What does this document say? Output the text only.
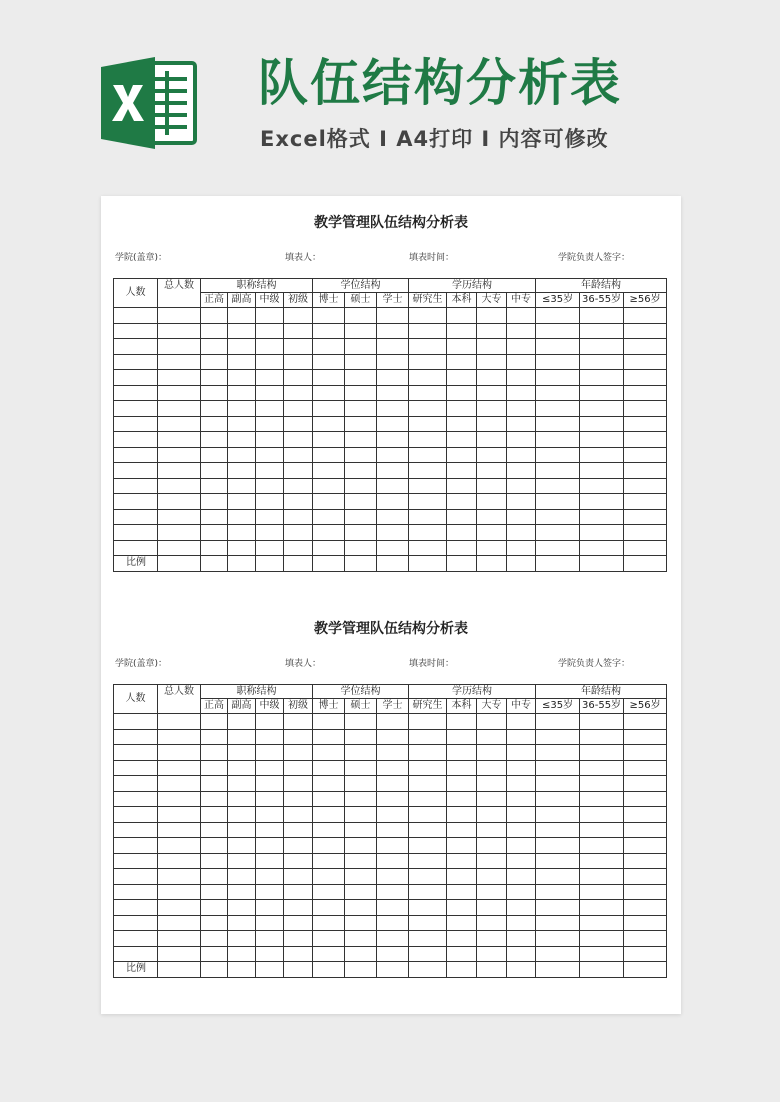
队伍结构分析表
Excel格式 I A4打印 I 内容可修改
教学管理队伍结构分析表
学院(盖章)：	填表人：	填表时间：	学院负责人签字：
人数	总人数	职称结构				学位结构			学历结构				年龄结构		
		正高	副高	中级	初级	博士	硕士	学士	研究生	本科	大专	中专	≤35岁	36-55岁	≥56岁

比例															
教学管理队伍结构分析表
学院(盖章)：	填表人：	填表时间：	学院负责人签字：
人数	总人数	职称结构				学位结构			学历结构				年龄结构		
		正高	副高	中级	初级	博士	硕士	学士	研究生	本科	大专	中专	≤35岁	36-55岁	≥56岁

比例															
